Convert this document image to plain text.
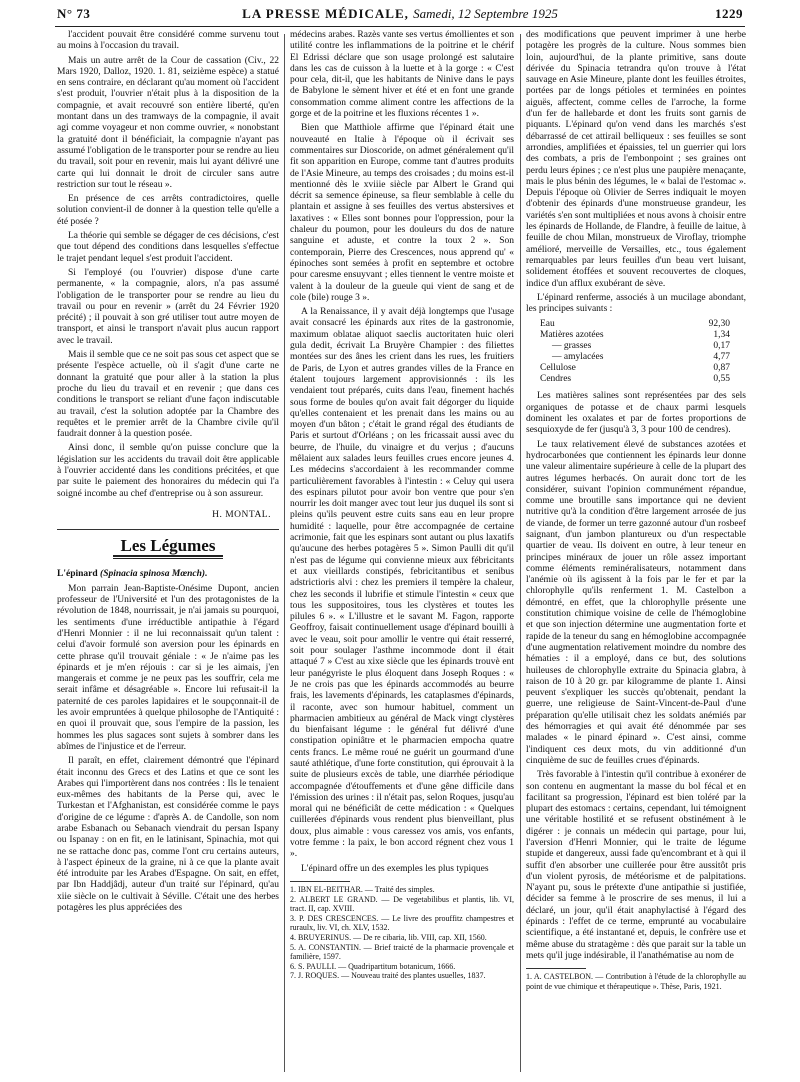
N° 73	LA PRESSE MÉDICALE, Samedi, 12 Septembre 1925	1229

l'accident pouvait être considéré comme survenu tout au moins à l'occasion du travail.

Mais un autre arrêt de la Cour de cassation (Civ., 22 Mars 1920, Dalloz, 1920. 1. 81, seizième espèce) a statué en sens contraire, en déclarant qu'au moment où l'accident s'est produit, l'ouvrier n'était plus à la disposition de la compagnie, et avait recouvré son entière liberté, qu'en montant dans un des tramways de la compagnie, il avait agi comme voyageur et non comme ouvrier, « nonobstant la gratuité dont il bénéficiait, la compagnie n'ayant pas assumé l'obligation de le transporter pour se rendre au lieu du travail, soit pour en revenir, mais lui ayant délivré une carte qui lui donnait le droit de circuler sans autre restriction sur tout le réseau ».

En présence de ces arrêts contradictoires, quelle solution convient-il de donner à la question telle qu'elle a été posée ?

La théorie qui semble se dégager de ces décisions, c'est que tout dépend des conditions dans lesquelles s'effectue le trajet pendant lequel s'est produit l'accident.

Si l'employé (ou l'ouvrier) dispose d'une carte permanente, « la compagnie, alors, n'a pas assumé l'obligation de le transporter pour se rendre au lieu du travail ou pour en revenir » (arrêt du 24 Février 1920 précité) ; il pouvait à son gré utiliser tout autre moyen de transport, et ainsi le transport n'avait plus aucun rapport avec le travail.

Mais il semble que ce ne soit pas sous cet aspect que se présente l'espèce actuelle, où il s'agit d'une carte ne donnant la gratuité que pour aller à la station la plus proche du lieu du travail et en revenir ; que dans ces conditions le transport se reliant d'une façon indiscutable au travail, c'est la solution adoptée par la Chambre des requêtes et le premier arrêt de la Chambre civile qu'il faudrait donner à la question posée.

Ainsi donc, il semble qu'on puisse conclure que la législation sur les accidents du travail doit être applicable à l'ouvrier accidenté dans les conditions précitées, et que par suite le paiement des honoraires du médecin qui l'a soigné incombe au chef d'entreprise ou à son assureur.

H. MONTAL.
Les Légumes

L'épinard (Spinacia spinosa Mœnch).

Mon parrain Jean-Baptiste-Onésime Dupont, ancien professeur de l'Université et l'un des protagonistes de la révolution de 1848, nourrissait, je n'ai jamais su pourquoi, les sentiments d'une irréductible antipathie à l'égard d'Henri Monnier : il ne lui reconnaissait qu'un talent : celui d'avoir formulé son aversion pour les épinards en cette phrase qu'il trouvait géniale : « Je n'aime pas les épinards et je m'en réjouis : car si je les aimais, j'en mangerais et comme je ne peux pas les souffrir, cela me serait infâme et désagréable ». Encore lui refusait-il la paternité de ces paroles lapidaires et le soupçonnait-il de les avoir empruntées à quelque philosophe de l'Antiquité : en quoi il prouvait que, sous l'empire de la passion, les hommes les plus sagaces sont sujets à sombrer dans les abîmes de l'injustice et de l'erreur.

Il paraît, en effet, clairement démontré que l'épinard était inconnu des Grecs et des Latins et que ce sont les Arabes qui l'importèrent dans nos contrées : Ils le tenaient eux-mêmes des habitants de la Perse qui, avec le Turkestan et l'Afghanistan, est considérée comme le pays d'origine de ce légume : d'après A. de Candolle, son nom arabe Esbanach ou Sebanach viendrait du persan Ispany ou Ispanay : on en fit, en le latinisant, Spinachia, mot qui ne se rattache donc pas, comme l'ont cru certains auteurs, à l'aspect épineux de la graine, ni à ce que la plante avait été introduite par les Arabes d'Espagne. On sait, en effet, par Ibn Haddjâdj, auteur d'un traité sur l'épinard, qu'au xiie siècle on le cultivait à Séville. C'était une des herbes potagères les plus appréciées des

médecins arabes. Razès vante ses vertus émollientes et son utilité contre les inflammations de la poitrine et le chérif El Edrissi déclare que son usage prolongé est salutaire dans les cas de cuisson à la luette et à la gorge : « C'est pour cela, dit-il, que les habitants de Ninive dans le pays de Babylone le sèment hiver et été et en font une grande consommation comme aliment contre les affections de la gorge et de la poitrine et les fluxions récentes 1 ».

Bien que Matthiole affirme que l'épinard était une nouveauté en Italie à l'époque où il écrivait ses commentaires sur Dioscoride, on admet généralement qu'il fit son apparition en Europe, comme tant d'autres produits de l'Asie Mineure, au temps des croisades ; du moins est-il mentionné dès le xviiie siècle par Albert le Grand qui décrit sa semence épineuse, sa fleur semblable à celle du plantain et assigne à ses feuilles des vertus abstersives et laxatives : « Elles sont bonnes pour l'oppression, pour la chaleur du poumon, pour les douleurs du dos de nature sanguine et aduste, et contre la toux 2 ». Son contemporain, Pierre des Crescences, nous apprend qu' « épinoches sont semées à profit en septembre et octobre pour caresme ensuyvant ; elles tiennent le ventre moiste et valent à la douleur de la gueule qui vient de sang et de cole (bile) rouge 3 ».

A la Renaissance, il y avait déjà longtemps que l'usage avait consacré les épinards aux rites de la gastronomie, maximum oblatae aliquot saeclis auctoritaten huic oleri gula dedit, écrivait La Bruyère Champier : des filiettes montées sur des ânes les crient dans les rues, les fruitiers de Paris, de Lyon et autres grandes villes de la France en étalent toujours largement approvisionnés : ils les vendaient tout préparés, cuits dans l'eau, finement hachés sous forme de boules qu'on avait fait dégorger du liquide qu'elles contenaient et les prenait dans les mains ou au moyen d'un bâton ; c'était le grand régal des étudiants de Paris et surtout d'Orléans ; on les fricassait aussi avec du beurre, de l'huile, du vinaigre et du verjus ; d'aucuns mêlaient aux salades leurs feuilles crues encore jeunes 4. Les médecins s'accordaient à les recommander comme particulièrement favorables à l'intestin : « Celuy qui usera des espinars pilutot pour avoir bon ventre que pour s'en nourrir les doit manger avec tout leur jus duquel ils sont si pleins qu'ils peuvent estre cuits sans eau en leur propre humidité : laquelle, pour être accompagnée de certaine acrimonie, fait que les espinars sont autant ou plus laxatifs qu'aucune des herbes potagères 5 ». Simon Paulli dit qu'il n'est pas de légume qui convienne mieux aux fébricitants et aux vieillards constipés, febricitantibus et senibus adstrictioris alvi : chez les premiers il tempère la chaleur, chez les seconds il lubrifie et stimule l'intestin « ceux que tous les suppositoires, tous les clystères et toutes les pilules 6 ». « L'illustre et le savant M. Fagon, rapporte Geoffroy, faisait continuellement usage d'épinard bouilli à avec le veau, soit pour amollir le ventre qui était resserré, soit pour soulager l'asthme incommode dont il était attaqué 7 » C'est au xixe siècle que les épinards trouvè ent leur panégyriste le plus éloquent dans Joseph Roques : « Je ne crois pas que les épinards accommodés au beurre frais, les lavements d'épinards, les cataplasmes d'épinards, il raconte, avec son humour habituel, comment un pharmacien ambitieux au général de Mack vingt clystères du bienfaisant légume : le général fut délivré d'une constipation opiniâtre et le pharmacien empocha quatre cents francs. Le même roué ne guérit un gourmand d'une sauté athlétique, d'une forte constitution, qui éprouvait à la suite de plusieurs excès de table, une diarrhée périodique accompagnée d'étouffements et d'une gêne difficile dans l'émission des urines : il n'était pas, selon Roques, jusqu'au moral qui ne bénéficiât de cette médication : « Quelques cuillerées d'épinards vous rendent plus bienveillant, plus doux, plus aimable : vous caressez vos amis, vos enfants, votre femme : la paix, le bon accord régnent chez vous 1 ».

L'épinard offre un des exemples les plus typiques

1. IBN EL-BEITHAR. — Traité des simples.

2. ALBERT LE GRAND. — De vegetabilibus et plantis, lib. VI, tract. II, cap. XVIII.

3. P. DES CRESCENCES. — Le livre des prouffitz champestres et ruraulx, liv. VI, ch. XLV, 1532.

4. BRUYERINUS. — De re cibaria, lib. VIII, cap. XII, 1560.

5. A. CONSTANTIN. — Brief traicté de la pharmacie provençale et familière, 1597.

6. S. PAULLI. — Quadripartitum botanicum, 1666.

7. J. ROQUES. — Nouveau traité des plantes usuelles, 1837.

des modifications que peuvent imprimer à une herbe potagère les progrès de la culture. Nous sommes bien loin, aujourd'hui, de la plante primitive, sans doute dérivée du Spinacia tetrandra qu'on trouve à l'état sauvage en Asie Mineure, plante dont les feuilles étroites, portées par de longs pétioles et terminées en pointes aiguës, affectent, comme celles de l'arroche, la forme d'un fer de hallebarde et dont les fruits sont garnis de piquants. L'épinard qu'on vend dans les marchés s'est débarrassé de cet attirail belliqueux : ses feuilles se sont arrondies, amplifiées et épaissies, tel un guerrier qui lors des combats, a pris de l'embonpoint ; ses graines ont perdu leurs épines ; ce n'est plus une paupière menaçante, mais le plus bénin des légumes, le « balai de l'estomac ». Depuis l'époque où Olivier de Serres indiquait le moyen d'obtenir des épinards d'une monstrueuse grandeur, les variétés s'en sont multipliées et nous avons à choisir entre les épinards de Hollande, de Flandre, à feuille de laitue, à feuille de chou Milan, monstrueux de Viroflay, triomphe amélioré, merveille de Versailles, etc., tous également remarquables par leurs feuilles d'un beau vert luisant, solidement étoffées et souvent recouvertes de cloques, indice d'un afflux exubérant de sève.

L'épinard renferme, associés à un mucilage abondant, les principes suivants :

Eau	92,30
Matières azotées	1,34
— grasses	0,17
— amylacées	4,77
Cellulose	0,87
Cendres	0,55

Les matières salines sont représentées par des sels organiques de potasse et de chaux parmi lesquels dominent les oxalates et par de fortes proportions de sesquioxyde de fer (jusqu'à 3, 3 pour 100 de cendres).

Le taux relativement élevé de substances azotées et hydrocarbonées que contiennent les épinards leur donne une valeur alimentaire supérieure à celle de la plupart des autres légumes herbacés. On aurait donc tort de les considérer, suivant l'opinion communément répandue, comme une broutille sans importance qui ne devient nutritive qu'à la condition d'être largement arrosée de jus de viande, de former un terre gazonné autour d'un rosbeef saignant, d'un jambon plantureux ou d'un respectable quartier de veau. Ils doivent en outre, à leur teneur en principes minéraux de jouer un rôle assez important comme éléments reminéralisateurs, notamment dans l'anémie où ils agissent à la fois par le fer et par la chlorophylle qu'ils renferment 1. M. Castelbon a démontré, en effet, que la chlorophylle présente une constitution chimique voisine de celle de l'hémoglobine et que son injection détermine une augmentation forte et rapide de la teneur du sang en hémoglobine accompagnée d'une augmentation relativement moindre du nombre des hématies : il a employé, dans ce but, des solutions huileuses de chlorophylle extraite du Spinacia glabra, à raison de 10 à 20 gr. par kilogramme de plante 1. Ainsi peuvent s'expliquer les succès qu'obtenait, pendant la guerre, une religieuse de Saint-Vincent-de-Paul d'une préparation qu'elle utilisait chez les soldats anémiés par des hémorragies et qui avait été dénommée par ses malades « le pinard épinard ». C'est ainsi, comme l'indiquent ces deux mots, du vin additionné d'un cinquième de suc de feuilles crues d'épinards.

Très favorable à l'intestin qu'il contribue à exonérer de son contenu en augmentant la masse du bol fécal et en facilitant sa progression, l'épinard est bien toléré par la plupart des estomacs : certains, cependant, lui témoignent une véritable hostilité et se refusent obstinément à le digérer : je connais un médecin qui partage, pour lui, l'aversion d'Henri Monnier, qui le traite de légume stupide et dangereux, aussi fade qu'encombrant et à qui il suffit d'en absorber une cuillerée pour être aussitôt pris d'un violent pyrosis, de météorisme et de palpitations. N'ayant pu, sous le prétexte d'une antipathie si justifiée, décider sa femme à le proscrire de ses menus, il lui a déclaré, un jour, qu'il était anaphylactisé à l'égard des épinards : l'effet de ce terme, emprunté au vocabulaire scientifique, a été instantané et, depuis, le confrère use et même abuse du stratagème : dès que parait sur la table un mets qu'il juge indésirable, il l'anathématise au nom de

1. A. CASTELBON. — Contribution à l'étude de la chlorophylle au point de vue chimique et thérapeutique ». Thèse, Paris, 1921.
